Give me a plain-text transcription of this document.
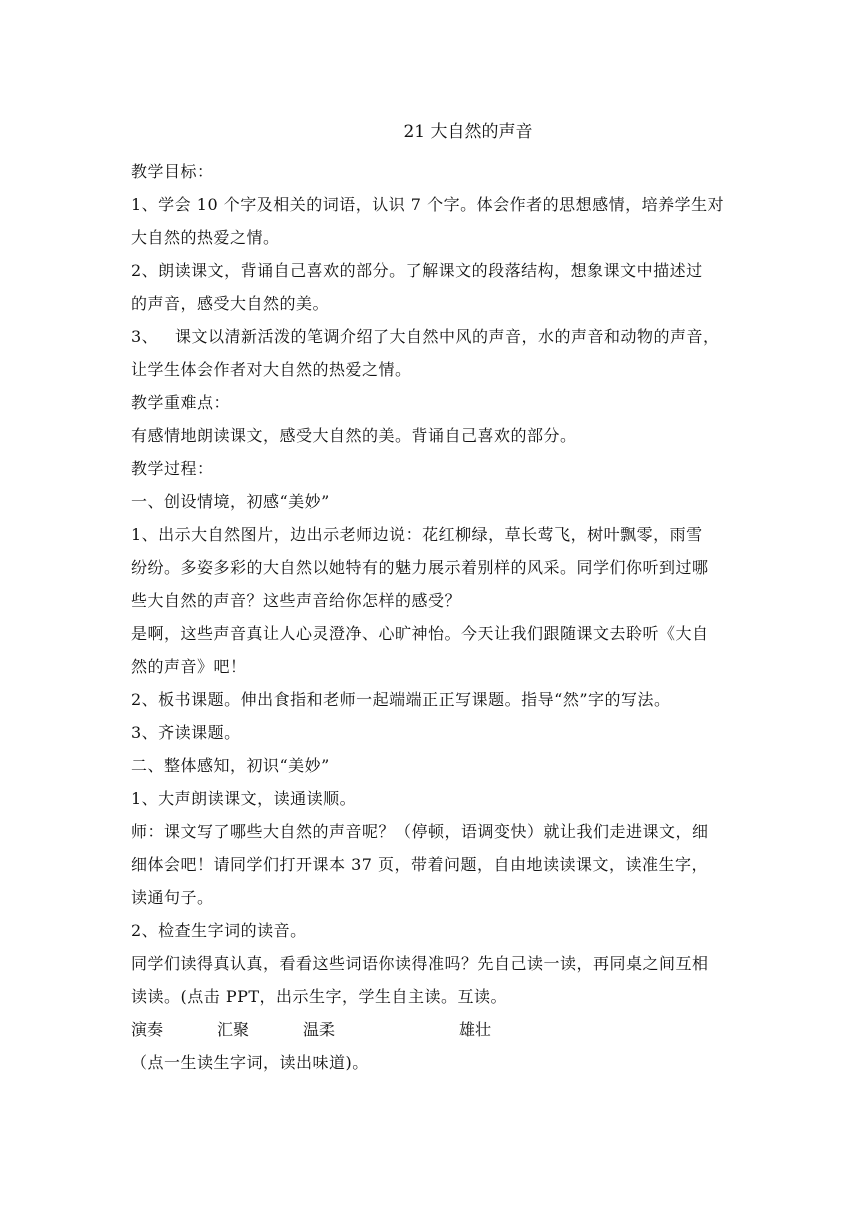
21 大自然的声音
教学目标：
1、学会 10 个字及相关的词语，认识 7 个字。体会作者的思想感情，培养学生对
大自然的热爱之情。
2、朗读课文，背诵自己喜欢的部分。了解课文的段落结构，想象课文中描述过
的声音，感受大自然的美。
3、   课文以清新活泼的笔调介绍了大自然中风的声音，水的声音和动物的声音，
让学生体会作者对大自然的热爱之情。
教学重难点：
有感情地朗读课文，感受大自然的美。背诵自己喜欢的部分。
教学过程：
一、创设情境，初感“美妙”
1、出示大自然图片，边出示老师边说：花红柳绿，草长莺飞，树叶飘零，雨雪
纷纷。多姿多彩的大自然以她特有的魅力展示着别样的风采。同学们你听到过哪
些大自然的声音？这些声音给你怎样的感受？
是啊，这些声音真让人心灵澄净、心旷神怡。今天让我们跟随课文去聆听《大自
然的声音》吧！
2、板书课题。伸出食指和老师一起端端正正写课题。指导“然”字的写法。
3、齐读课题。
二、整体感知，初识“美妙”
1、大声朗读课文，读通读顺。
师：课文写了哪些大自然的声音呢？（停顿，语调变快）就让我们走进课文，细
细体会吧！请同学们打开课本 37 页，带着问题，自由地读读课文，读准生字，
读通句子。
2、检查生字词的读音。
同学们读得真认真，看看这些词语你读得准吗？先自己读一读，再同桌之间互相
读读。(点击 PPT，出示生字，学生自主读。互读。
演奏	汇聚	温柔	雄壮
（点一生读生字词，读出味道)。
